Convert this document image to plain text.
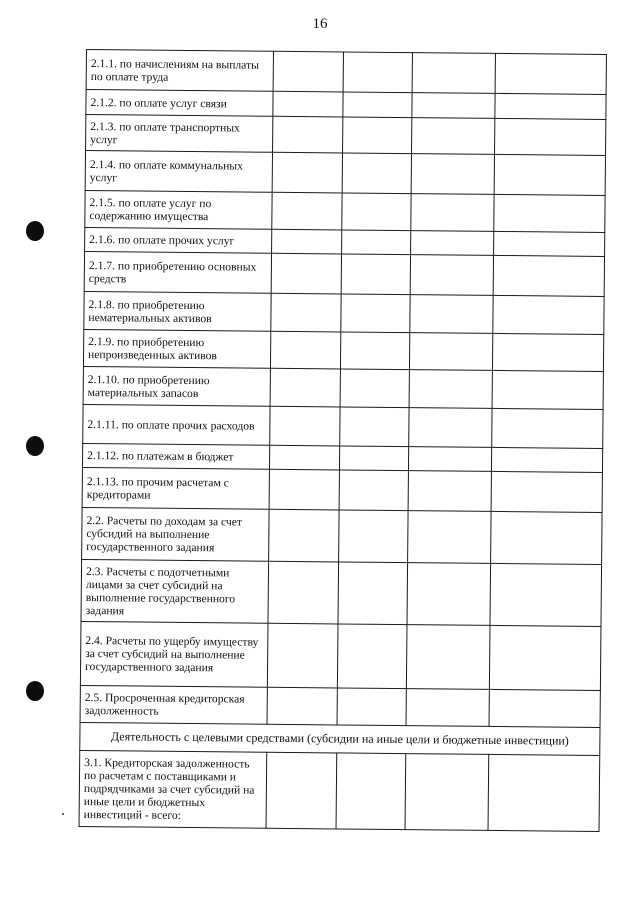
16
2.1.1. по начислениям на выплаты по оплате труда				
2.1.2. по оплате услуг связи				
2.1.3. по оплате транспортных услуг				
2.1.4. по оплате коммунальных услуг				
2.1.5. по оплате услуг по содержанию имущества				
2.1.6. по оплате прочих услуг				
2.1.7. по приобретению основных средств				
2.1.8. по приобретению нематериальных активов				
2.1.9. по приобретению непроизведенных активов				
2.1.10. по приобретению материальных запасов				
2.1.11. по оплате прочих расходов				
2.1.12. по платежам в бюджет				
2.1.13. по прочим расчетам с кредиторами				
2.2. Расчеты по доходам за счет субсидий на выполнение государственного задания				
2.3. Расчеты с подотчетными лицами за счет субсидий на выполнение государственного задания				
2.4. Расчеты по ущербу имуществу за счет субсидий на выполнение государственного задания				
2.5. Просроченная кредиторская задолженность				
Деятельность с целевыми средствами (субсидии на иные цели и бюджетные инвестиции)				
3.1. Кредиторская задолженность по расчетам с поставщиками и подрядчиками за счет субсидий на иные цели и бюджетных инвестиций - всего:				
